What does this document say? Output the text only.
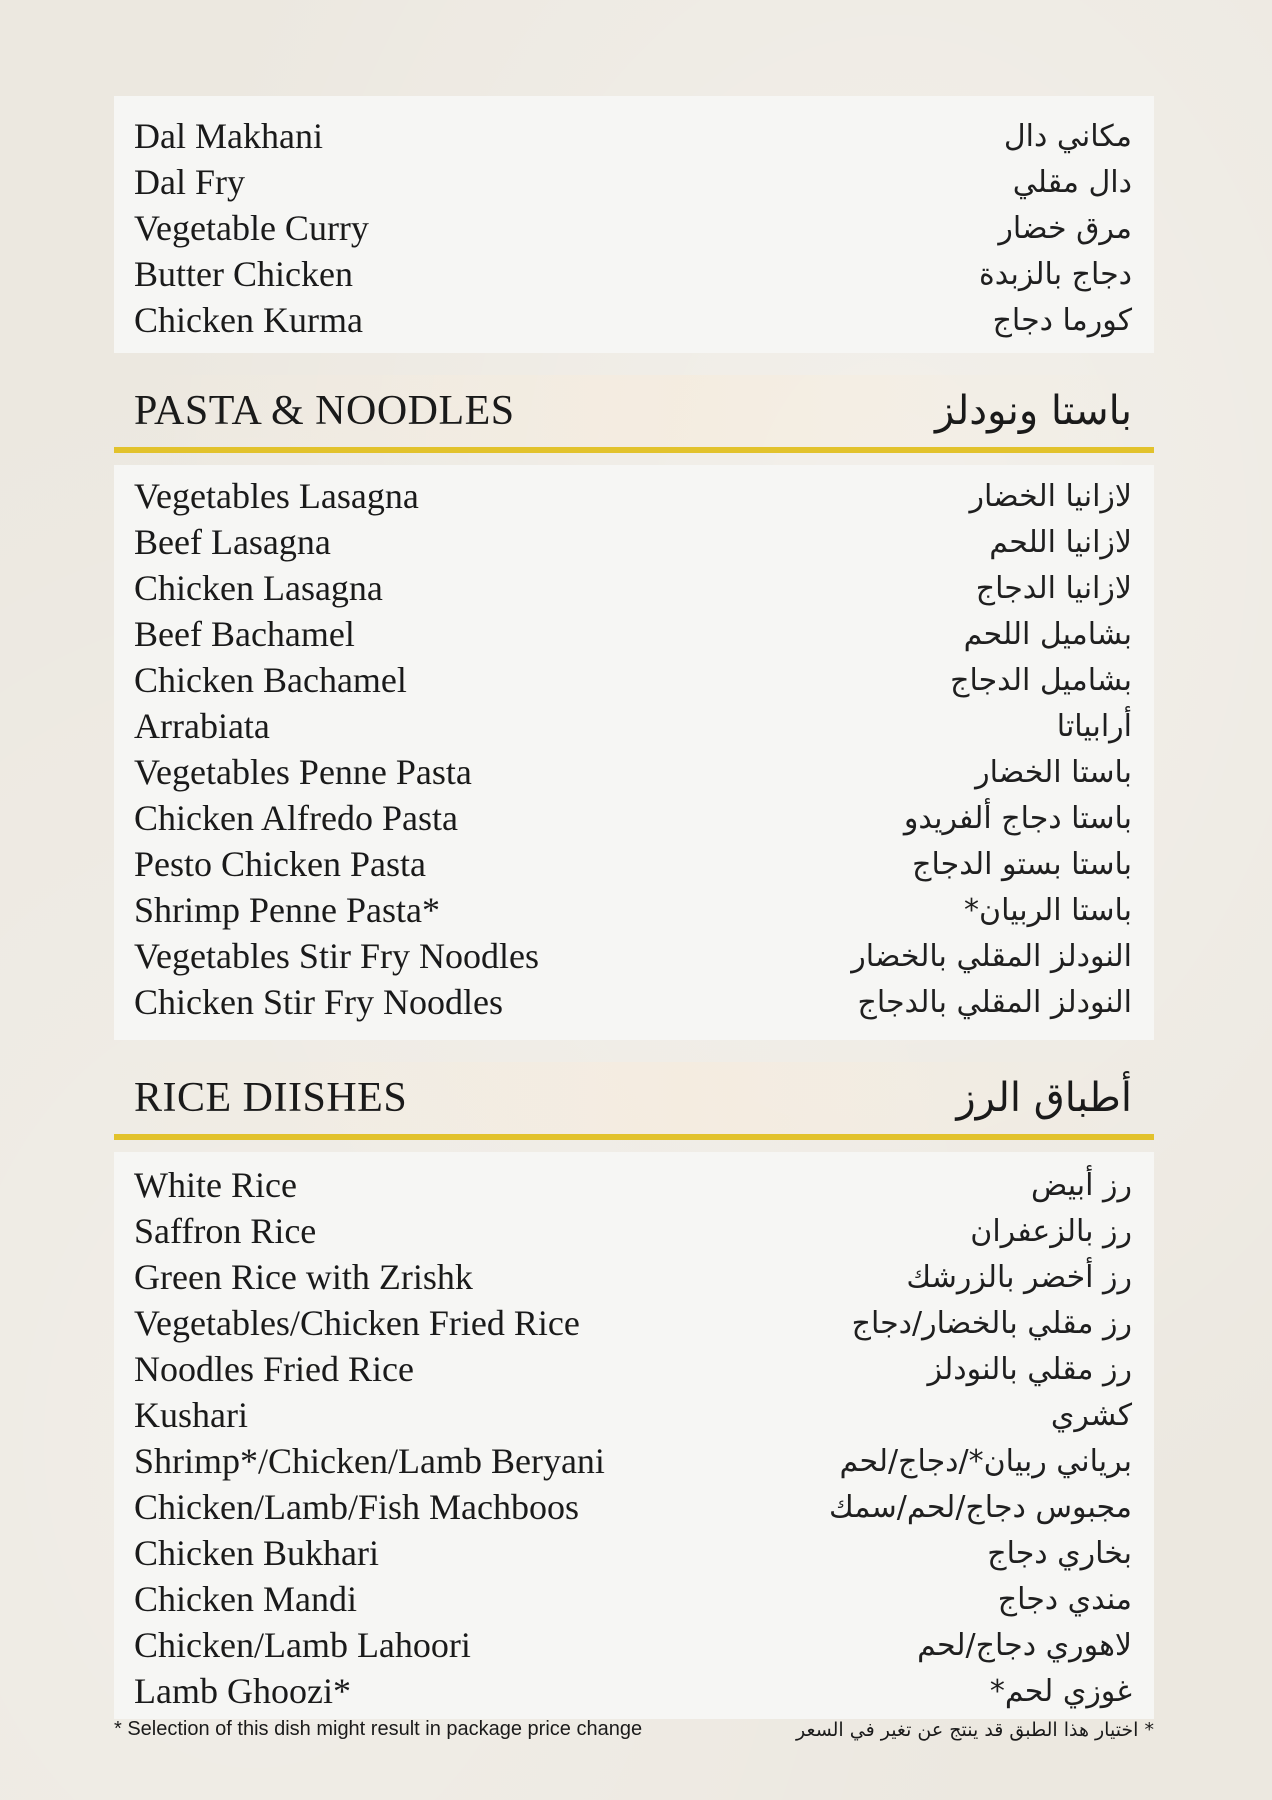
Dal Makhani	مكاني دال
Dal Fry	دال مقلي
Vegetable Curry	مرق خضار
Butter Chicken	دجاج بالزبدة
Chicken Kurma	كورما دجاج
PASTA & NOODLES	باستا ونودلز
Vegetables Lasagna	لازانيا الخضار
Beef Lasagna	لازانيا اللحم
Chicken Lasagna	لازانيا الدجاج
Beef Bachamel	بشاميل اللحم
Chicken Bachamel	بشاميل الدجاج
Arrabiata	أرابياتا
Vegetables Penne Pasta	باستا الخضار
Chicken Alfredo Pasta	باستا دجاج ألفريدو
Pesto Chicken Pasta	باستا بستو الدجاج
Shrimp Penne Pasta*	باستا الربيان*
Vegetables Stir Fry Noodles	النودلز المقلي بالخضار
Chicken Stir Fry Noodles	النودلز المقلي بالدجاج
RICE DIISHES	أطباق الرز
White Rice	رز أبيض
Saffron Rice	رز بالزعفران
Green Rice with Zrishk	رز أخضر بالزرشك
Vegetables/Chicken Fried Rice	رز مقلي بالخضار/دجاج
Noodles Fried Rice	رز مقلي بالنودلز
Kushari	كشري
Shrimp*/Chicken/Lamb Beryani	برياني ربيان*/دجاج/لحم
Chicken/Lamb/Fish Machboos	مجبوس دجاج/لحم/سمك
Chicken Bukhari	بخاري دجاج
Chicken Mandi	مندي دجاج
Chicken/Lamb Lahoori	لاهوري دجاج/لحم
Lamb Ghoozi*	غوزي لحم*
* Selection of this dish might result in package price change	* اختيار هذا الطبق قد ينتج عن تغير في السعر
